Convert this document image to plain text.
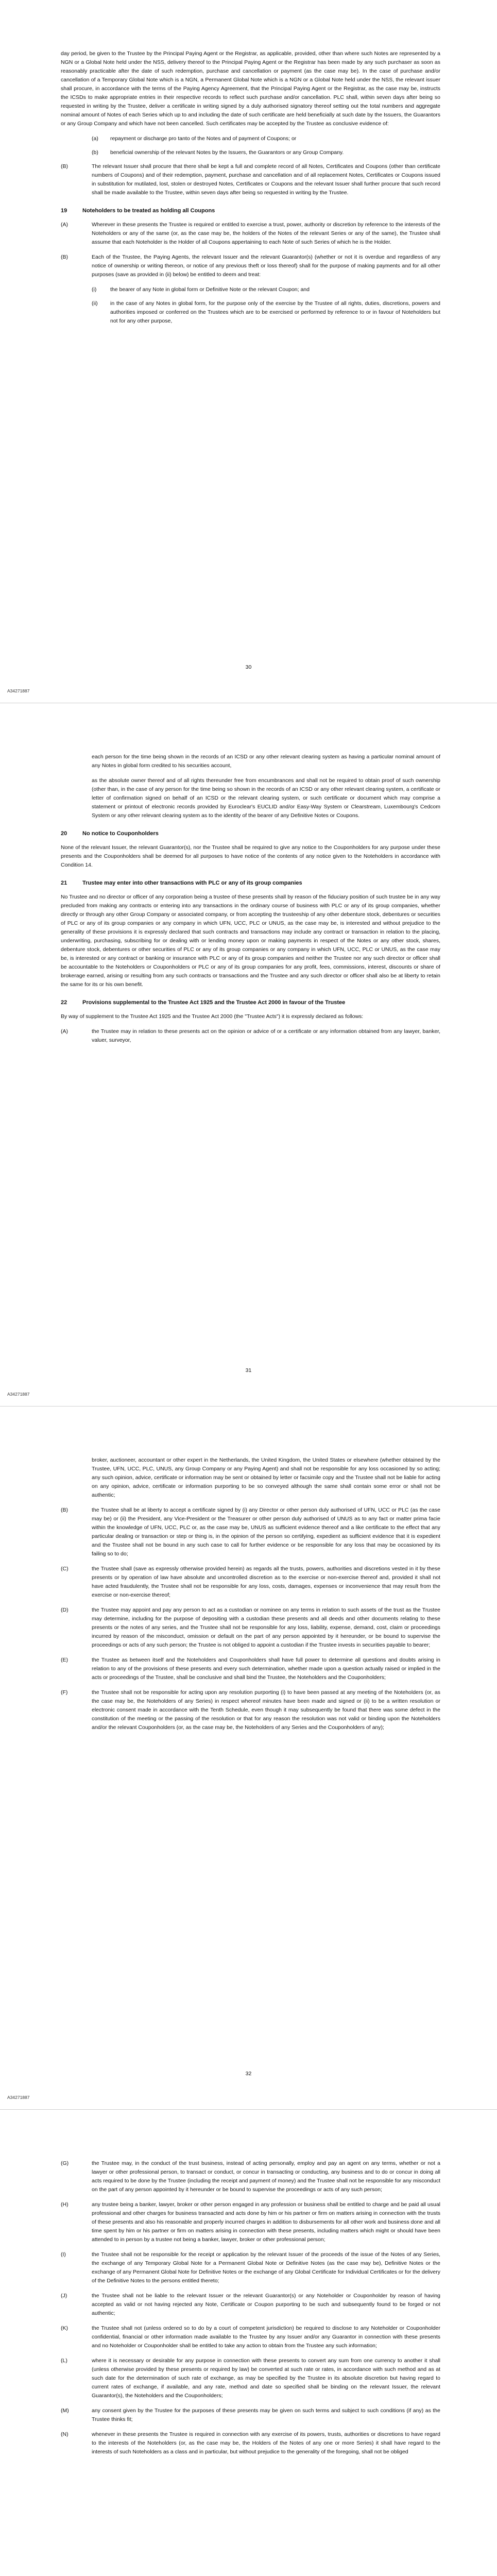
day period, be given to the Trustee by the Principal Paying Agent or the Registrar, as applicable, provided, other than where such Notes are represented by a NGN or a Global Note held under the NSS, delivery thereof to the Principal Paying Agent or the Registrar has been made by any such purchaser as soon as reasonably practicable after the date of such redemption, purchase and cancellation or payment (as the case may be). In the case of purchase and/or cancellation of a Temporary Global Note which is a NGN, a Permanent Global Note which is a NGN or a Global Note held under the NSS, the relevant issuer shall procure, in accordance with the terms of the Paying Agency Agreement, that the Principal Paying Agent or the Registrar, as the case may be, instructs the ICSDs to make appropriate entries in their respective records to reflect such purchase and/or cancellation. PLC shall, within seven days after being so requested in writing by the Trustee, deliver a certificate in writing signed by a duly authorised signatory thereof setting out the total numbers and aggregate nominal amount of Notes of each Series which up to and including the date of such certificate are held beneficially at such date by the Issuers, the Guarantors or any Group Company and which have not been cancelled. Such certificates may be accepted by the Trustee as conclusive evidence of:

(a)	repayment or discharge pro tanto of the Notes and of payment of Coupons; or
(b)	beneficial ownership of the relevant Notes by the Issuers, the Guarantors or any Group Company.
(B)	The relevant Issuer shall procure that there shall be kept a full and complete record of all Notes, Certificates and Coupons (other than certificate numbers of Coupons) and of their redemption, payment, purchase and cancellation and of all replacement Notes, Certificates or Coupons issued in substitution for mutilated, lost, stolen or destroyed Notes, Certificates or Coupons and the relevant Issuer shall further procure that such record shall be made available to the Trustee, within seven days after being so requested in writing by the Trustee.
19	Noteholders to be treated as holding all Coupons
(A)	Wherever in these presents the Trustee is required or entitled to exercise a trust, power, authority or discretion by reference to the interests of the Noteholders or any of the same (or, as the case may be, the holders of the Notes of the relevant Series or any of the same), the Trustee shall assume that each Noteholder is the Holder of all Coupons appertaining to each Note of such Series of which he is the Holder.
(B)	Each of the Trustee, the Paying Agents, the relevant Issuer and the relevant Guarantor(s) (whether or not it is overdue and regardless of any notice of ownership or writing thereon, or notice of any previous theft or loss thereof) shall for the purpose of making payments and for all other purposes (save as provided in (ii) below) be entitled to deem and treat:
(i)	the bearer of any Note in global form or Definitive Note or the relevant Coupon; and
(ii)	in the case of any Notes in global form, for the purpose only of the exercise by the Trustee of all rights, duties, discretions, powers and authorities imposed or conferred on the Trustees which are to be exercised or performed by reference to or in favour of Noteholders but not for any other purpose,
30
A34271887

each person for the time being shown in the records of an ICSD or any other relevant clearing system as having a particular nominal amount of any Notes in global form credited to his securities account,

as the absolute owner thereof and of all rights thereunder free from encumbrances and shall not be required to obtain proof of such ownership (other than, in the case of any person for the time being so shown in the records of an ICSD or any other relevant clearing system, a certificate or letter of confirmation signed on behalf of an ICSD or the relevant clearing system, or such certificate or document which may comprise a statement or printout of electronic records provided by Euroclear's EUCLID and/or Easy-Way System or Clearstream, Luxembourg's Cedcom System or any other relevant clearing system as to the identity of the bearer of any Definitive Notes or Coupons.

20	No notice to Couponholders

None of the relevant Issuer, the relevant Guarantor(s), nor the Trustee shall be required to give any notice to the Couponholders for any purpose under these presents and the Couponholders shall be deemed for all purposes to have notice of the contents of any notice given to the Noteholders in accordance with Condition 14.

21	Trustee may enter into other transactions with PLC or any of its group companies

No Trustee and no director or officer of any corporation being a trustee of these presents shall by reason of the fiduciary position of such trustee be in any way precluded from making any contracts or entering into any transactions in the ordinary course of business with PLC or any of its group companies, whether directly or through any other Group Company or associated company, or from accepting the trusteeship of any other debenture stock, debentures or securities of PLC or any of its group companies or any company in which UFN, UCC, PLC or UNUS, as the case may be, is interested and without prejudice to the generality of these provisions it is expressly declared that such contracts and transactions may include any contract or transaction in relation to the placing, underwriting, purchasing, subscribing for or dealing with or lending money upon or making payments in respect of the Notes or any other stock, shares, debenture stock, debentures or other securities of PLC or any of its group companies or any company in which UFN, UCC, PLC or UNUS, as the case may be, is interested or any contract or banking or insurance with PLC or any of its group companies and neither the Trustee nor any such director or officer shall be accountable to the Noteholders or Couponholders or PLC or any of its group companies for any profit, fees, commissions, interest, discounts or share of brokerage earned, arising or resulting from any such contracts or transactions and the Trustee and any such director or officer shall also be at liberty to retain the same for its or his own benefit.

22	Provisions supplemental to the Trustee Act 1925 and the Trustee Act 2000 in favour of the Trustee

By way of supplement to the Trustee Act 1925 and the Trustee Act 2000 (the "Trustee Acts") it is expressly declared as follows:

(A)	the Trustee may in relation to these presents act on the opinion or advice of or a certificate or any information obtained from any lawyer, banker, valuer, surveyor,
31
A34271887

broker, auctioneer, accountant or other expert in the Netherlands, the United Kingdom, the United States or elsewhere (whether obtained by the Trustee, UFN, UCC, PLC, UNUS, any Group Company or any Paying Agent) and shall not be responsible for any loss occasioned by so acting; any such opinion, advice, certificate or information may be sent or obtained by letter or facsimile copy and the Trustee shall not be liable for acting on any opinion, advice, certificate or information purporting to be so conveyed although the same shall contain some error or shall not be authentic;

(B)	the Trustee shall be at liberty to accept a certificate signed by (i) any Director or other person duly authorised of UFN, UCC or PLC (as the case may be) or (ii) the President, any Vice-President or the Treasurer or other person duly authorised of UNUS as to any fact or matter prima facie within the knowledge of UFN, UCC, PLC or, as the case may be, UNUS as sufficient evidence thereof and a like certificate to the effect that any particular dealing or transaction or step or thing is, in the opinion of the person so certifying, expedient as sufficient evidence that it is expedient and the Trustee shall not be bound in any such case to call for further evidence or be responsible for any loss that may be occasioned by its failing so to do;
(C)	the Trustee shall (save as expressly otherwise provided herein) as regards all the trusts, powers, authorities and discretions vested in it by these presents or by operation of law have absolute and uncontrolled discretion as to the exercise or non-exercise thereof and, provided it shall not have acted fraudulently, the Trustee shall not be responsible for any loss, costs, damages, expenses or inconvenience that may result from the exercise or non-exercise thereof;
(D)	the Trustee may appoint and pay any person to act as a custodian or nominee on any terms in relation to such assets of the trust as the Trustee may determine, including for the purpose of depositing with a custodian these presents and all deeds and other documents relating to these presents or the notes of any series, and the Trustee shall not be responsible for any loss, liability, expense, demand, cost, claim or proceedings incurred by reason of the misconduct, omission or default on the part of any person appointed by it hereunder, or be bound to supervise the proceedings or acts of any such person; the Trustee is not obliged to appoint a custodian if the Trustee invests in securities payable to bearer;
(E)	the Trustee as between itself and the Noteholders and Couponholders shall have full power to determine all questions and doubts arising in relation to any of the provisions of these presents and every such determination, whether made upon a question actually raised or implied in the acts or proceedings of the Trustee, shall be conclusive and shall bind the Trustee, the Noteholders and the Couponholders;
(F)	the Trustee shall not be responsible for acting upon any resolution purporting (i) to have been passed at any meeting of the Noteholders (or, as the case may be, the Noteholders of any Series) in respect whereof minutes have been made and signed or (ii) to be a written resolution or electronic consent made in accordance with the Tenth Schedule, even though it may subsequently be found that there was some defect in the constitution of the meeting or the passing of the resolution or that for any reason the resolution was not valid or binding upon the Noteholders and/or the relevant Couponholders (or, as the case may be, the Noteholders of any Series and the Couponholders of any);
32
A34271887
(G)	the Trustee may, in the conduct of the trust business, instead of acting personally, employ and pay an agent on any terms, whether or not a lawyer or other professional person, to transact or conduct, or concur in transacting or conducting, any business and to do or concur in doing all acts required to be done by the Trustee (including the receipt and payment of money) and the Trustee shall not be responsible for any misconduct on the part of any person appointed by it hereunder or be bound to supervise the proceedings or acts of any such person;
(H)	any trustee being a banker, lawyer, broker or other person engaged in any profession or business shall be entitled to charge and be paid all usual professional and other charges for business transacted and acts done by him or his partner or firm on matters arising in connection with the trusts of these presents and also his reasonable and properly incurred charges in addition to disbursements for all other work and business done and all time spent by him or his partner or firm on matters arising in connection with these presents, including matters which might or should have been attended to in person by a trustee not being a banker, lawyer, broker or other professional person;
(I)	the Trustee shall not be responsible for the receipt or application by the relevant Issuer of the proceeds of the issue of the Notes of any Series, the exchange of any Temporary Global Note for a Permanent Global Note or Definitive Notes (as the case may be), Definitive Notes or the exchange of any Permanent Global Note for Definitive Notes or the exchange of any Global Certificate for Individual Certificates or for the delivery of the Definitive Notes to the persons entitled thereto;
(J)	the Trustee shall not be liable to the relevant Issuer or the relevant Guarantor(s) or any Noteholder or Couponholder by reason of having accepted as valid or not having rejected any Note, Certificate or Coupon purporting to be such and subsequently found to be forged or not authentic;
(K)	the Trustee shall not (unless ordered so to do by a court of competent jurisdiction) be required to disclose to any Noteholder or Couponholder confidential, financial or other information made available to the Trustee by any Issuer and/or any Guarantor in connection with these presents and no Noteholder or Couponholder shall be entitled to take any action to obtain from the Trustee any such information;
(L)	where it is necessary or desirable for any purpose in connection with these presents to convert any sum from one currency to another it shall (unless otherwise provided by these presents or required by law) be converted at such rate or rates, in accordance with such method and as at such date for the determination of such rate of exchange, as may be specified by the Trustee in its absolute discretion but having regard to current rates of exchange, if available, and any rate, method and date so specified shall be binding on the relevant Issuer, the relevant Guarantor(s), the Noteholders and the Couponholders;
(M)	any consent given by the Trustee for the purposes of these presents may be given on such terms and subject to such conditions (if any) as the Trustee thinks fit;
(N)	whenever in these presents the Trustee is required in connection with any exercise of its powers, trusts, authorities or discretions to have regard to the interests of the Noteholders (or, as the case may be, the Holders of the Notes of any one or more Series) it shall have regard to the interests of such Noteholders as a class and in particular, but without prejudice to the generality of the foregoing, shall not be obliged
